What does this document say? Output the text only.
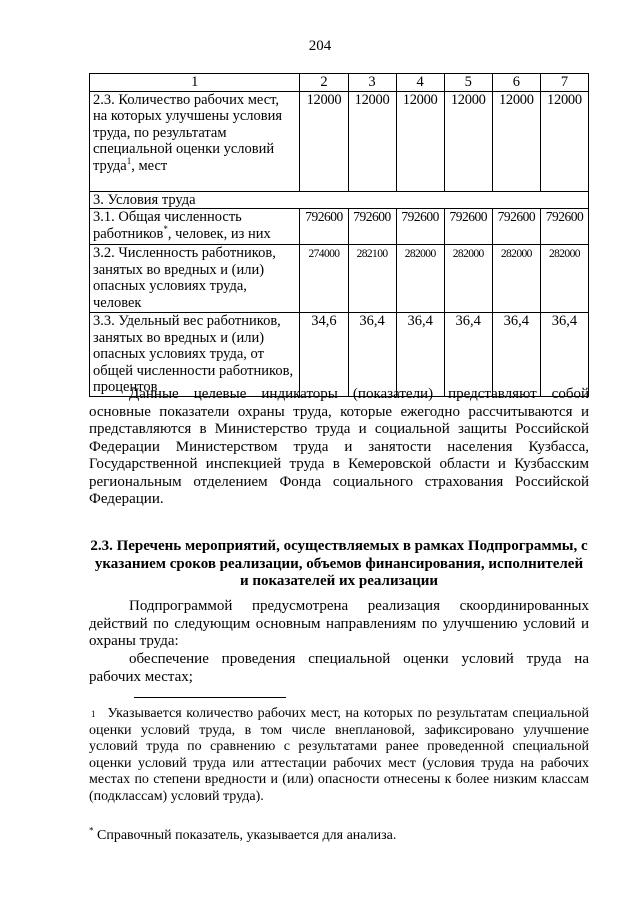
204
1	2	3	4	5	6	7
2.3. Количество рабочих мест, на которых улучшены условия труда, по результатам специальной оценки условий труда$^1$, мест	12000	12000	12000	12000	12000	12000
3. Условия труда						
3.1. Общая численность работников*, человек, из них	792600	792600	792600	792600	792600	792600
3.2. Численность работников, занятых во вредных и (или) опасных условиях труда, человек	274000	282100	282000	282000	282000	282000
3.3. Удельный вес работников, занятых во вредных и (или) опасных условиях труда, от общей численности работников, процентов	34,6	36,4	36,4	36,4	36,4	36,4
Данные целевые индикаторы (показатели) представляют собой основные показатели охраны труда, которые ежегодно рассчитываются и представляются в Министерство труда и социальной защиты Российской Федерации Министерством труда и занятости населения Кузбасса, Государственной инспекцией труда в Кемеровской области и Кузбасским региональным отделением Фонда социального страхования Российской Федерации.
2.3. Перечень мероприятий, осуществляемых в рамках Подпрограммы, с указанием сроков реализации, объемов финансирования, исполнителей и показателей их реализации
Подпрограммой предусмотрена реализация скоординированных действий по следующим основным направлениям по улучшению условий и охраны труда:
обеспечение проведения специальной оценки условий труда на рабочих местах;
$^1$ Указывается количество рабочих мест, на которых по результатам специальной оценки условий труда, в том числе внеплановой, зафиксировано улучшение условий труда по сравнению с результатами ранее проведенной специальной оценки условий труда или аттестации рабочих мест (условия труда на рабочих местах по степени вредности и (или) опасности отнесены к более низким классам (подклассам) условий труда).
* Справочный показатель, указывается для анализа.
